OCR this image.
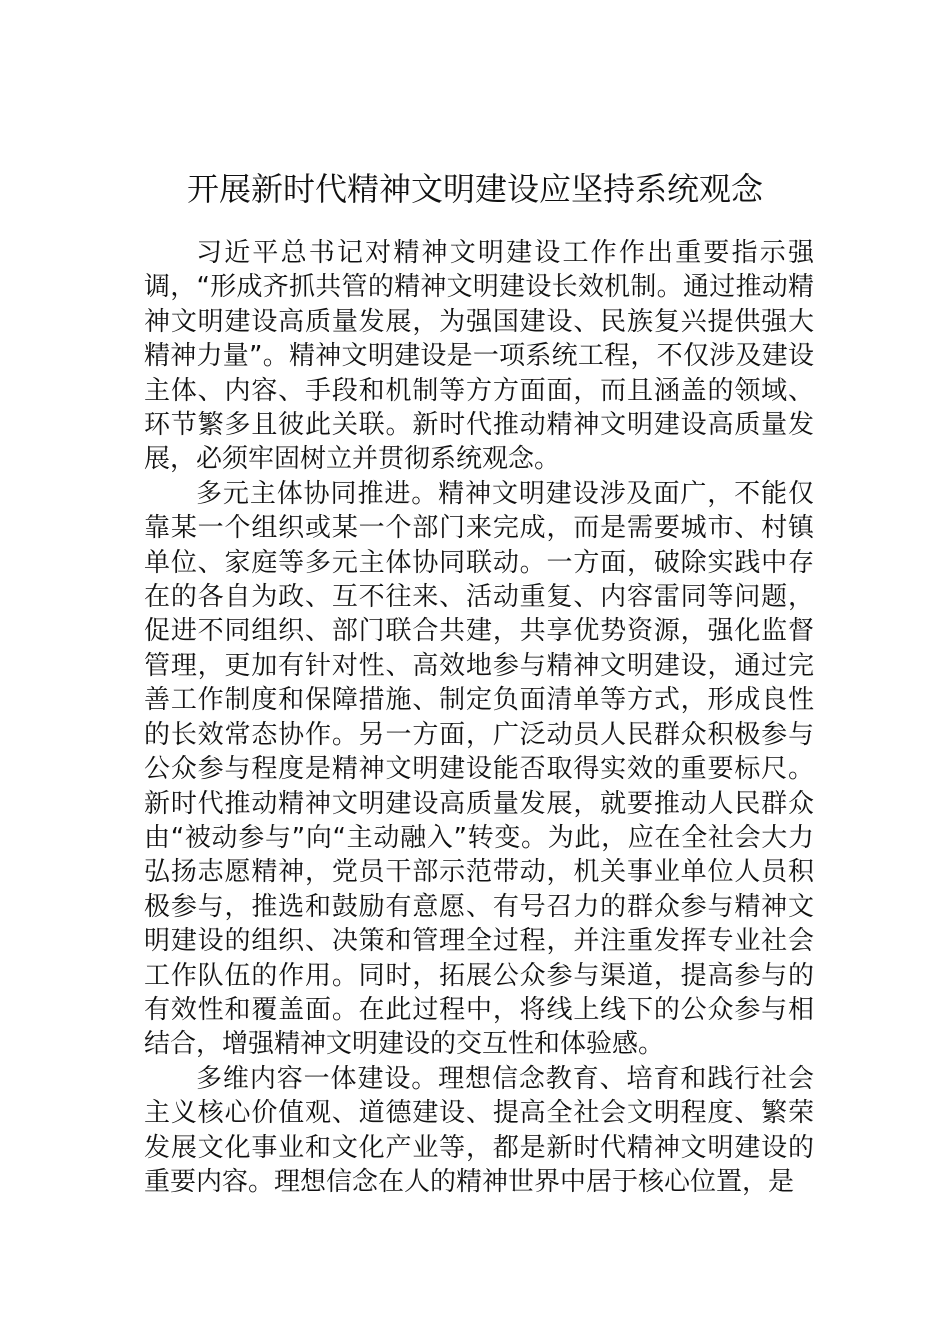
开展新时代精神文明建设应坚持系统观念

习近平总书记对精神文明建设工作作出重要指示强调，“形成齐抓共管的精神文明建设长效机制。通过推动精神文明建设高质量发展，为强国建设、民族复兴提供强大精神力量”。精神文明建设是一项系统工程，不仅涉及建设主体、内容、手段和机制等方方面面，而且涵盖的领域、环节繁多且彼此关联。新时代推动精神文明建设高质量发展，必须牢固树立并贯彻系统观念。

多元主体协同推进。精神文明建设涉及面广，不能仅靠某一个组织或某一个部门来完成，而是需要城市、村镇单位、家庭等多元主体协同联动。一方面，破除实践中存在的各自为政、互不往来、活动重复、内容雷同等问题，促进不同组织、部门联合共建，共享优势资源，强化监督管理，更加有针对性、高效地参与精神文明建设，通过完善工作制度和保障措施、制定负面清单等方式，形成良性的长效常态协作。另一方面，广泛动员人民群众积极参与公众参与程度是精神文明建设能否取得实效的重要标尺。新时代推动精神文明建设高质量发展，就要推动人民群众由“被动参与”向“主动融入”转变。为此，应在全社会大力弘扬志愿精神，党员干部示范带动，机关事业单位人员积极参与，推选和鼓励有意愿、有号召力的群众参与精神文明建设的组织、决策和管理全过程，并注重发挥专业社会工作队伍的作用。同时，拓展公众参与渠道，提高参与的有效性和覆盖面。在此过程中，将线上线下的公众参与相结合，增强精神文明建设的交互性和体验感。

多维内容一体建设。理想信念教育、培育和践行社会主义核心价值观、道德建设、提高全社会文明程度、繁荣发展文化事业和文化产业等，都是新时代精神文明建设的重要内容。理想信念在人的精神世界中居于核心位置，是
